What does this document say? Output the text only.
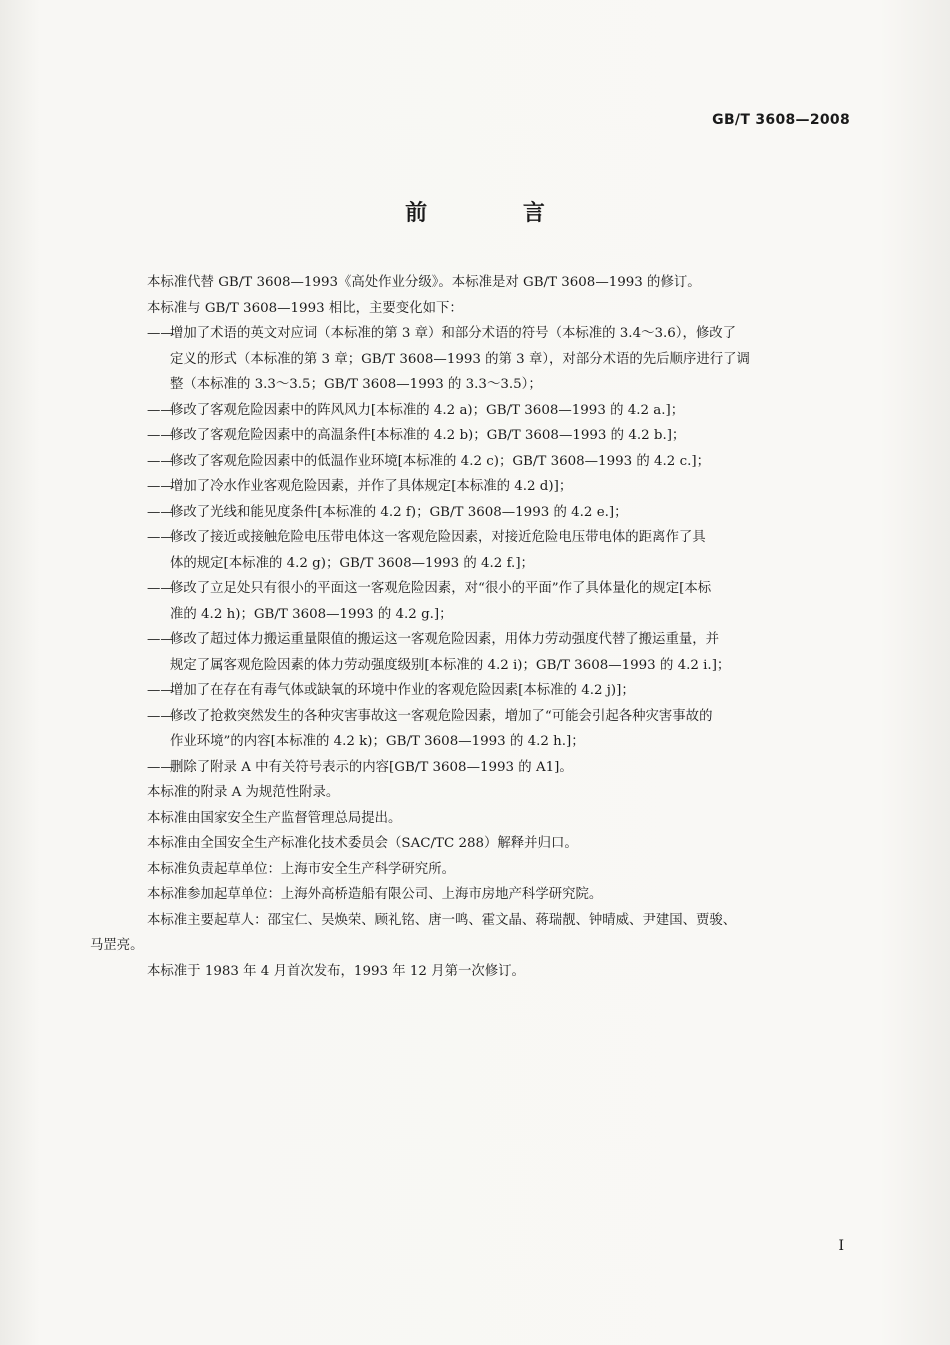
GB/T 3608—2008
前 言

本标准代替 GB/T 3608—1993《高处作业分级》。本标准是对 GB/T 3608—1993 的修订。

本标准与 GB/T 3608—1993 相比，主要变化如下：

——
增加了术语的英文对应词（本标准的第 3 章）和部分术语的符号（本标准的 3.4～3.6），修改了
定义的形式（本标准的第 3 章；GB/T 3608—1993 的第 3 章），对部分术语的先后顺序进行了调
整（本标准的 3.3～3.5；GB/T 3608—1993 的 3.3～3.5）；
——
修改了客观危险因素中的阵风风力[本标准的 4.2 a)；GB/T 3608—1993 的 4.2 a.]；
——
修改了客观危险因素中的高温条件[本标准的 4.2 b)；GB/T 3608—1993 的 4.2 b.]；
——
修改了客观危险因素中的低温作业环境[本标准的 4.2 c)；GB/T 3608—1993 的 4.2 c.]；
——
增加了冷水作业客观危险因素，并作了具体规定[本标准的 4.2 d)]；
——
修改了光线和能见度条件[本标准的 4.2 f)；GB/T 3608—1993 的 4.2 e.]；
——
修改了接近或接触危险电压带电体这一客观危险因素，对接近危险电压带电体的距离作了具
体的规定[本标准的 4.2 g)；GB/T 3608—1993 的 4.2 f.]；
——
修改了立足处只有很小的平面这一客观危险因素，对“很小的平面”作了具体量化的规定[本标
准的 4.2 h)；GB/T 3608—1993 的 4.2 g.]；
——
修改了超过体力搬运重量限值的搬运这一客观危险因素，用体力劳动强度代替了搬运重量，并
规定了属客观危险因素的体力劳动强度级别[本标准的 4.2 i)；GB/T 3608—1993 的 4.2 i.]；
——
增加了在存在有毒气体或缺氧的环境中作业的客观危险因素[本标准的 4.2 j)]；
——
修改了抢救突然发生的各种灾害事故这一客观危险因素，增加了“可能会引起各种灾害事故的
作业环境”的内容[本标准的 4.2 k)；GB/T 3608—1993 的 4.2 h.]；
——
删除了附录 A 中有关符号表示的内容[GB/T 3608—1993 的 A1]。

本标准的附录 A 为规范性附录。

本标准由国家安全生产监督管理总局提出。

本标准由全国安全生产标准化技术委员会（SAC/TC 288）解释并归口。

本标准负责起草单位：上海市安全生产科学研究所。

本标准参加起草单位：上海外高桥造船有限公司、上海市房地产科学研究院。

本标准主要起草人：邵宝仁、吴焕荣、顾礼铭、唐一鸣、霍文晶、蒋瑞靓、钟晴威、尹建国、贾骏、
马罡亮。

本标准于 1983 年 4 月首次发布，1993 年 12 月第一次修订。

I
